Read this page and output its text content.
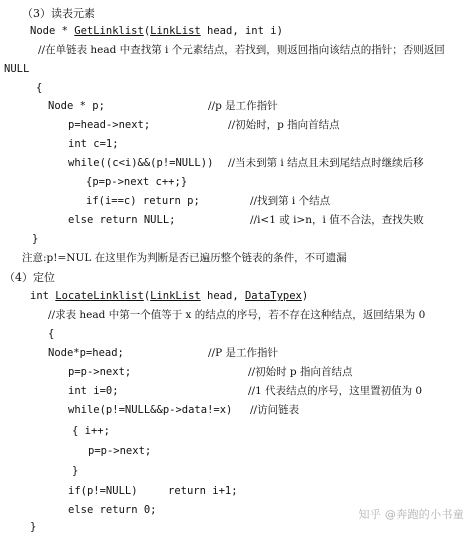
（3）读表元素
Node * GetLinklist(LinkList head, int i)
//在单链表 head 中查找第 i 个元素结点，若找到，则返回指向该结点的指针；否则返回
NULL
{
Node * p;	//p 是工作指针
p=head->next;	//初始时，p 指向首结点
int c=1;
while((c<i)&&(p!=NULL)) //当未到第 i 结点且未到尾结点时继续后移
{p=p->next c++;}
if(i==c) return p;	//找到第 i 个结点
else return NULL;	//i<1 或 i>n，i 值不合法，查找失败
}
注意:p!=NUL 在这里作为判断是否已遍历整个链表的条件，不可遗漏
（4）定位
int LocateLinklist(LinkList head, DataTypex)
//求表 head 中第一个值等于 x 的结点的序号，若不存在这种结点，返回结果为 0
{
Node*p=head;	//P 是工作指针
p=p->next;	//初始时 p 指向首结点
int i=0;	//1 代表结点的序号，这里置初值为 0
while(p!=NULL&&p->data!=x) //访问链表
{ i++;
p=p->next;
}
if(p!=NULL)	return i+1;
else return 0;
}
知乎 @奔跑的小书童
